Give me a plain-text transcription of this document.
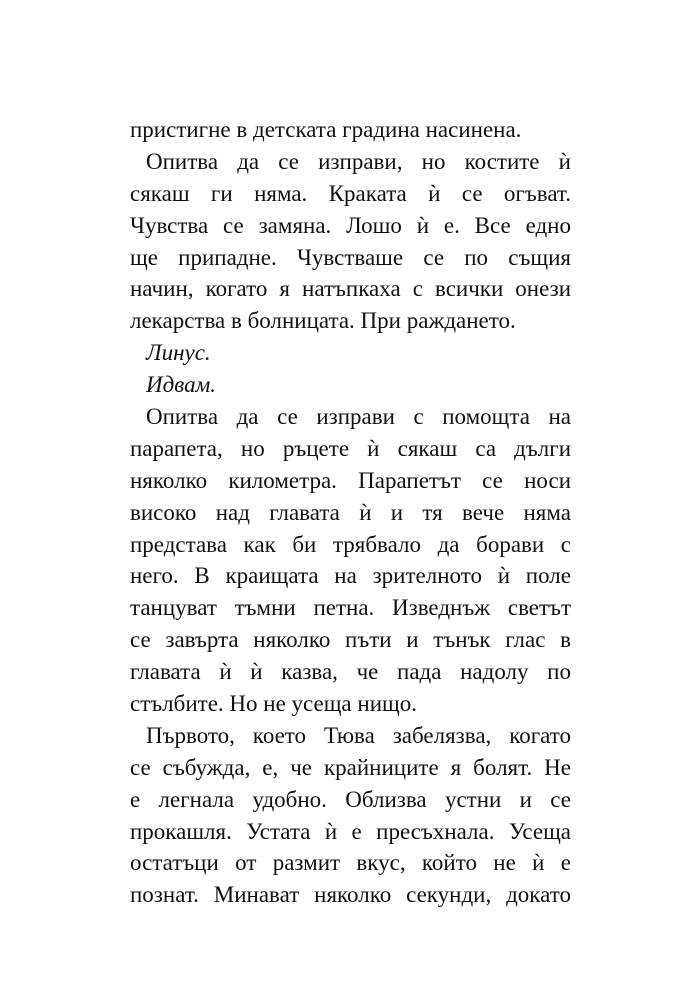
пристигне в детската градина насинена.
Опитва да се изправи, но костите ѝ
сякаш ги няма. Краката ѝ се огъват.
Чувства се замяна. Лошо ѝ е. Все едно
ще припадне. Чувстваше се по същия
начин, когато я натъпкаха с всички онези
лекарства в болницата. При раждането.
Линус.
Идвам.
Опитва да се изправи с помощта на
парапета, но ръцете ѝ сякаш са дълги
няколко километра. Парапетът се носи
високо над главата ѝ и тя вече няма
представа как би трябвало да борави с
него. В краищата на зрителното ѝ поле
танцуват тъмни петна. Изведнъж светът
се завърта няколко пъти и тънък глас в
главата ѝ ѝ казва, че пада надолу по
стълбите. Но не усеща нищо.
Първото, което Тюва забелязва, когато
се събужда, е, че крайниците я болят. Не
е легнала удобно. Облизва устни и се
прокашля. Устата ѝ е пресъхнала. Усеща
остатъци от размит вкус, който не ѝ е
познат. Минават няколко секунди, докато
